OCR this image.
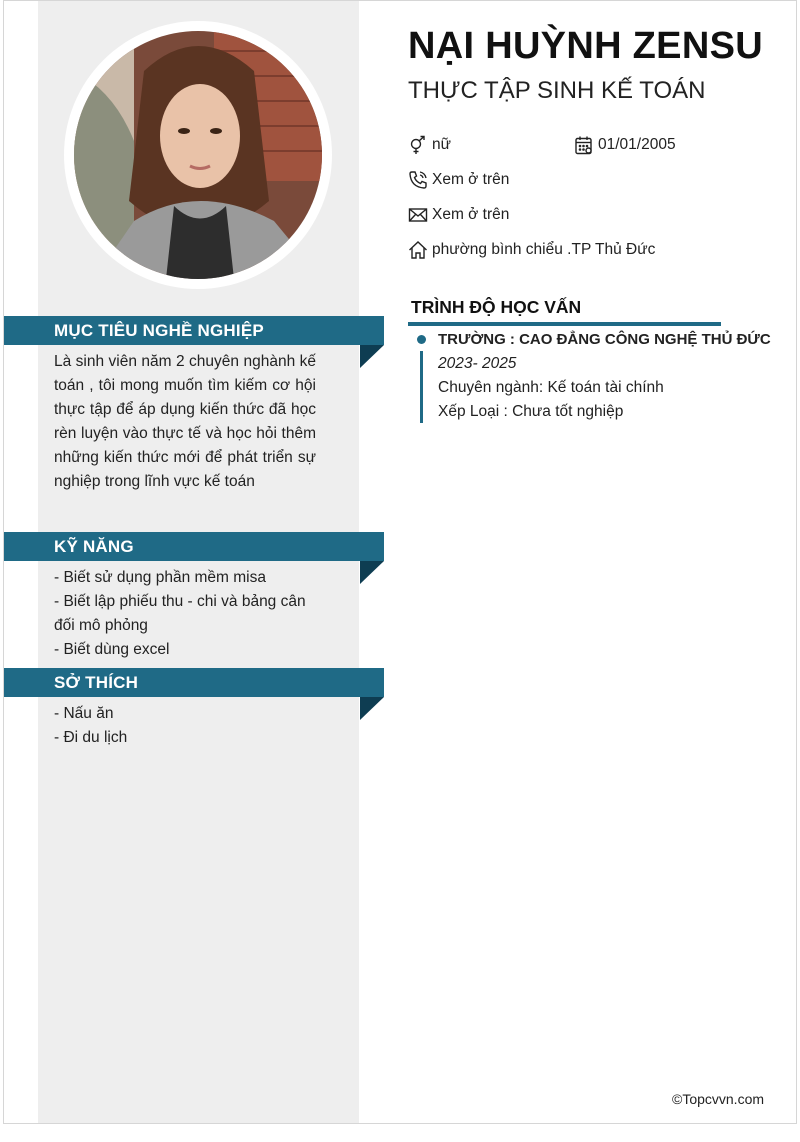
MỤC TIÊU NGHỀ NGHIỆP
Là sinh viên năm 2 chuyên nghành kế toán , tôi mong muốn tìm kiếm cơ hội thực tập để áp dụng kiến thức đã học rèn luyện vào thực tế và học hỏi thêm những kiến thức mới để phát triển sự nghiệp trong lĩnh vực kế toán
KỸ NĂNG
- Biết sử dụng phần mềm misa
- Biết lập phiếu thu - chi và bảng cân đối mô phỏng
- Biết dùng excel
SỞ THÍCH
- Nấu ăn
- Đi du lịch
NẠI HUỲNH ZENSU
THỰC TẬP SINH KẾ TOÁN
nữ	01/01/2005
Xem ở trên
Xem ở trên
phường bình chiểu .TP Thủ Đức
TRÌNH ĐỘ HỌC VẤN
TRƯỜNG : CAO ĐẲNG CÔNG NGHỆ THỦ ĐỨC
2023- 2025
Chuyên ngành: Kế toán tài chính
Xếp Loại : Chưa tốt nghiệp
©Topcvvn.com
